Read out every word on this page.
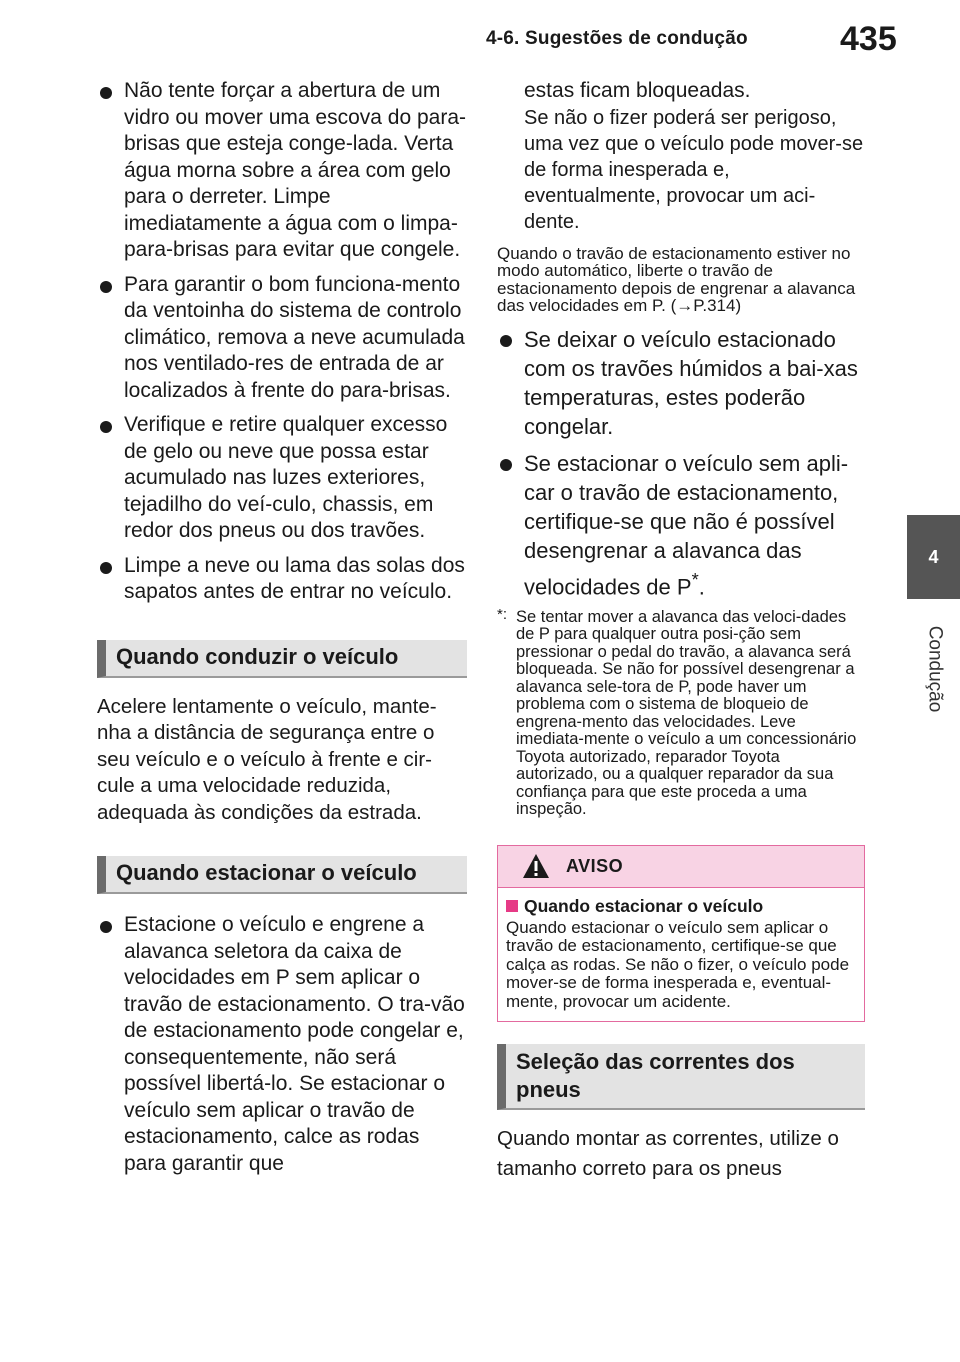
4-6. Sugestões de condução	435
4
Condução
Não tente forçar a abertura de um vidro ou mover uma escova do para-brisas que esteja conge-lada. Verta água morna sobre a área com gelo para o derreter. Limpe imediatamente a água com o limpa-para-brisas para evitar que congele.
Para garantir o bom funciona-mento da ventoinha do sistema de controlo climático, remova a neve acumulada nos ventilado-res de entrada de ar localizados à frente do para-brisas.
Verifique e retire qualquer excesso de gelo ou neve que possa estar acumulado nas luzes exteriores, tejadilho do veí-culo, chassis, em redor dos pneus ou dos travões.
Limpe a neve ou lama das solas dos sapatos antes de entrar no veículo.
Quando conduzir o veículo
Acelere lentamente o veículo, mante-nha a distância de segurança entre o seu veículo e o veículo à frente e cir-cule a uma velocidade reduzida, adequada às condições da estrada.
Quando estacionar o veículo
Estacione o veículo e engrene a alavanca seletora da caixa de velocidades em P sem aplicar o travão de estacionamento. O tra-vão de estacionamento pode congelar e, consequentemente, não será possível libertá-lo. Se estacionar o veículo sem aplicar o travão de estacionamento, calce as rodas para garantir que
estas ficam bloqueadas.
Se não o fizer poderá ser perigoso, uma vez que o veículo pode mover-se de forma inesperada e, eventualmente, provocar um aci-dente.
Quando o travão de estacionamento estiver no modo automático, liberte o travão de estacionamento depois de engrenar a alavanca das velocidades em P. (→P.314)
Se deixar o veículo estacionado com os travões húmidos a bai-xas temperaturas, estes poderão congelar.
Se estacionar o veículo sem apli-car o travão de estacionamento, certifique-se que não é possível desengrenar a alavanca das velocidades de P*.
*: Se tentar mover a alavanca das veloci-dades de P para qualquer outra posi-ção sem pressionar o pedal do travão, a alavanca será bloqueada. Se não for possível desengrenar a alavanca sele-tora de P, pode haver um problema com o sistema de bloqueio de engrena-mento das velocidades. Leve imediata-mente o veículo a um concessionário Toyota autorizado, reparador Toyota autorizado, ou a qualquer reparador da sua confiança para que este proceda a uma inspeção.
AVISO
Quando estacionar o veículo
Quando estacionar o veículo sem aplicar o travão de estacionamento, certifique-se que calça as rodas. Se não o fizer, o veículo pode mover-se de forma inesperada e, eventual-mente, provocar um acidente.
Seleção das correntes dos pneus
Quando montar as correntes, utilize o tamanho correto para os pneus
